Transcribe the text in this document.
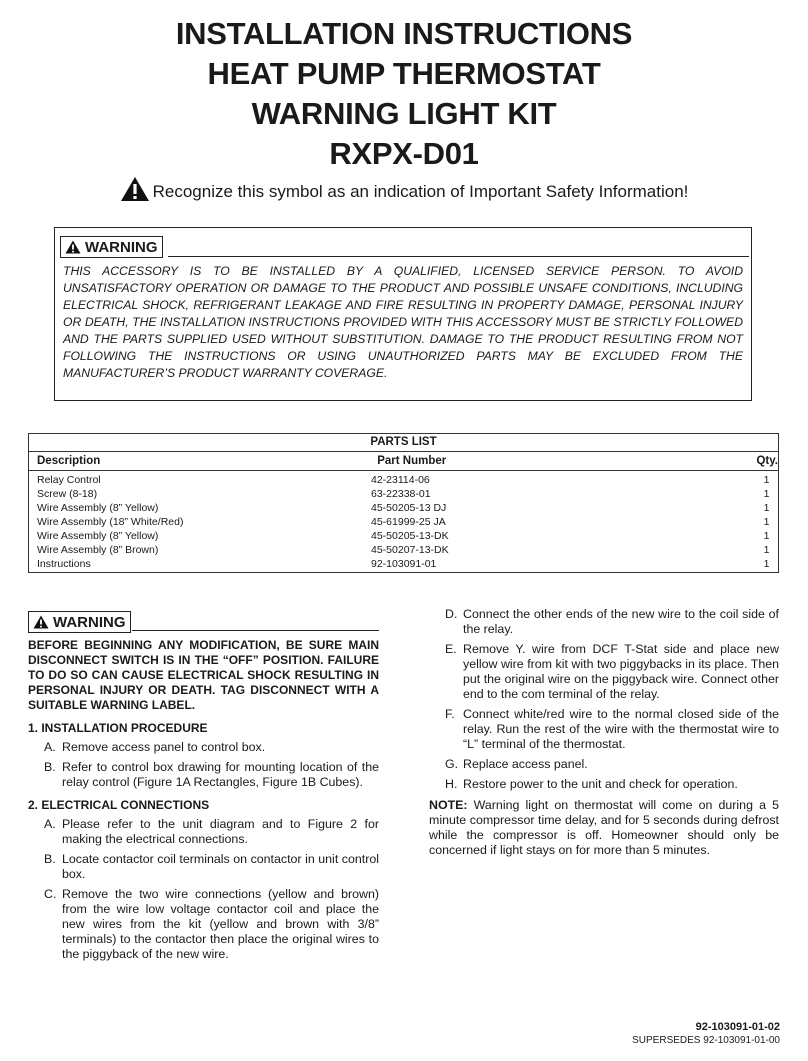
INSTALLATION INSTRUCTIONS
HEAT PUMP THERMOSTAT
WARNING LIGHT KIT
RXPX-D01
Recognize this symbol as an indication of Important Safety Information!
WARNING

THIS ACCESSORY IS TO BE INSTALLED BY A QUALIFIED, LICENSED SERVICE PERSON. TO AVOID UNSATISFACTORY OPERATION OR DAMAGE TO THE PRODUCT AND POSSIBLE UNSAFE CONDITIONS, INCLUDING ELECTRICAL SHOCK, REFRIGERANT LEAKAGE AND FIRE RESULTING IN PROPERTY DAMAGE, PERSONAL INJURY OR DEATH, THE INSTALLATION INSTRUCTIONS PROVIDED WITH THIS ACCESSORY MUST BE STRICTLY FOLLOWED AND THE PARTS SUPPLIED USED WITHOUT SUBSTITUTION. DAMAGE TO THE PRODUCT RESULTING FROM NOT FOLLOWING THE INSTRUCTIONS OR USING UNAUTHORIZED PARTS MAY BE EXCLUDED FROM THE MANUFACTURER’S PRODUCT WARRANTY COVERAGE.

PARTS LIST
Description	Part Number	Qty.
Relay Control	42-23114-06	1
Screw (8-18)	63-22338-01	1
Wire Assembly (8” Yellow)	45-50205-13 DJ	1
Wire Assembly (18” White/Red)	45-61999-25 JA	1
Wire Assembly (8” Yellow)	45-50205-13-DK	1
Wire Assembly (8” Brown)	45-50207-13-DK	1
Instructions	92-103091-01	1
WARNING

BEFORE BEGINNING ANY MODIFICATION, BE SURE MAIN DISCONNECT SWITCH IS IN THE “OFF” POSITION. FAILURE TO DO SO CAN CAUSE ELECTRICAL SHOCK RESULTING IN PERSONAL INJURY OR DEATH. TAG DISCONNECT WITH A SUITABLE WARNING LABEL.

1. INSTALLATION PROCEDURE
A. Remove access panel to control box.
B. Refer to control box drawing for mounting location of the relay control (Figure 1A Rectangles, Figure 1B Cubes).
2. ELECTRICAL CONNECTIONS
A. Please refer to the unit diagram and to Figure 2 for making the electrical connections.
B. Locate contactor coil terminals on contactor in unit control box.
C. Remove the two wire connections (yellow and brown) from the wire low voltage contactor coil and place the new wires from the kit (yellow and brown with 3/8” terminals) to the contactor then place the original wires to the piggyback of the new wire.
D. Connect the other ends of the new wire to the coil side of the relay.
E. Remove Y. wire from DCF T-Stat side and place new yellow wire from kit with two piggybacks in its place. Then put the original wire on the piggyback wire. Connect other end to the com terminal of the relay.
F. Connect white/red wire to the normal closed side of the relay. Run the rest of the wire with the thermostat wire to “L” terminal of the thermostat.
G. Replace access panel.
H. Restore power to the unit and check for operation.
NOTE: Warning light on thermostat will come on during a 5 minute compressor time delay, and for 5 seconds during defrost while the compressor is off. Homeowner should only be concerned if light stays on for more than 5 minutes.
92-103091-01-02
SUPERSEDES 92-103091-01-00
